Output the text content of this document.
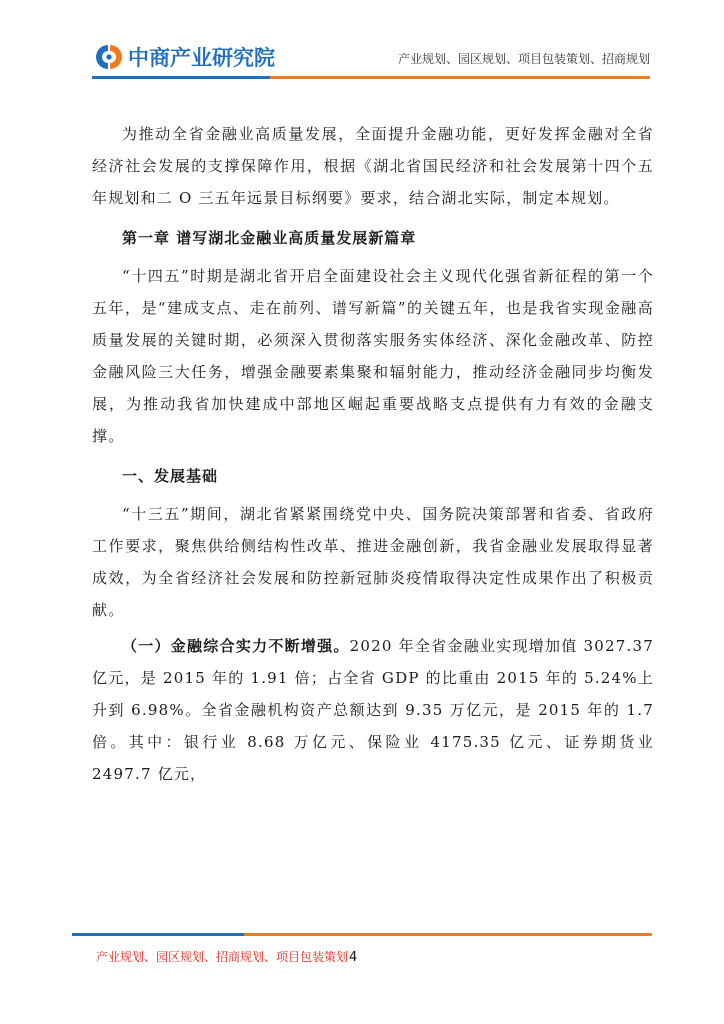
中商产业研究院	产业规划、园区规划、项目包装策划、招商规划

为推动全省金融业高质量发展，全面提升金融功能，更好发挥金融对全省经济社会发展的支撑保障作用，根据《湖北省国民经济和社会发展第十四个五年规划和二 O 三五年远景目标纲要》要求，结合湖北实际，制定本规划。

第一章 谱写湖北金融业高质量发展新篇章

“十四五”时期是湖北省开启全面建设社会主义现代化强省新征程的第一个五年，是“建成支点、走在前列、谱写新篇”的关键五年，也是我省实现金融高质量发展的关键时期，必须深入贯彻落实服务实体经济、深化金融改革、防控金融风险三大任务，增强金融要素集聚和辐射能力，推动经济金融同步均衡发展，为推动我省加快建成中部地区崛起重要战略支点提供有力有效的金融支撑。

一、发展基础

“十三五”期间，湖北省紧紧围绕党中央、国务院决策部署和省委、省政府工作要求，聚焦供给侧结构性改革、推进金融创新，我省金融业发展取得显著成效，为全省经济社会发展和防控新冠肺炎疫情取得决定性成果作出了积极贡献。

（一）金融综合实力不断增强。2020 年全省金融业实现增加值 3027.37 亿元，是 2015 年的 1.91 倍；占全省 GDP 的比重由 2015 年的 5.24%上升到 6.98%。全省金融机构资产总额达到 9.35 万亿元，是 2015 年的 1.7 倍。其中：银行业 8.68 万亿元、保险业 4175.35 亿元、证券期货业 2497.7 亿元，

产业规划、园区规划、招商规划、项目包装策划4
